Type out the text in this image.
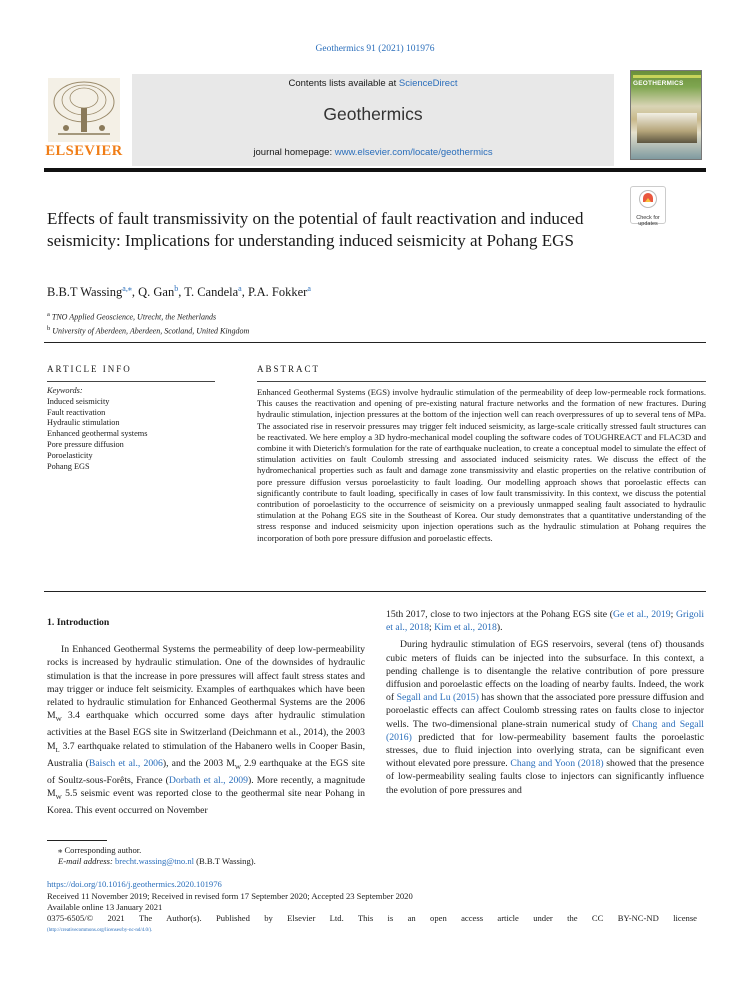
Geothermics 91 (2021) 101976
ELSEVIER
Contents lists available at ScienceDirect
Geothermics
journal homepage: www.elsevier.com/locate/geothermics
GEOTHERMICS
Check for updates
Effects of fault transmissivity on the potential of fault reactivation and induced seismicity: Implications for understanding induced seismicity at Pohang EGS
B.B.T Wassing$^{a,⁎}$, Q. Gan$^b$, T. Candela$^a$, P.A. Fokker$^a$
$^a$ TNO Applied Geoscience, Utrecht, the Netherlands
$^b$ University of Aberdeen, Aberdeen, Scotland, United Kingdom
ARTICLE INFO	ABSTRACT
Keywords:
Induced seismicity
Fault reactivation
Hydraulic stimulation
Enhanced geothermal systems
Pore pressure diffusion
Poroelasticity
Pohang EGS
Enhanced Geothermal Systems (EGS) involve hydraulic stimulation of the permeability of deep low-permeable rock formations. This causes the reactivation and opening of pre-existing natural fracture networks and the formation of new fractures. During hydraulic stimulation, injection pressures at the bottom of the injection well can reach overpressures of up to several tens of MPa. The associated rise in reservoir pressures may trigger felt induced seismicity, as large-scale critically stressed fault structures can be reactivated. We here employ a 3D hydro-mechanical model coupling the software codes of TOUGHREACT and FLAC3D and combine it with Dieterich's formulation for the rate of earthquake nucleation, to create a conceptual model to simulate the effect of stimulation activities on fault Coulomb stressing and associated induced seismicity rates. We discuss the effect of the hydromechanical properties such as fault and damage zone transmissivity and elastic properties on the relative contribution of pore pressure diffusion versus poroelasticity to fault loading. Our modelling approach shows that poroelastic effects can significantly contribute to fault loading, specifically in cases of low fault transmissivity. In this context, we discuss the potential contribution of poroelasticity to the occurrence of seismicity on a previously unmapped sealing fault associated to hydraulic stimulation at the Pohang EGS site in the Southeast of Korea. Our study demonstrates that a quantitative understanding of the stress response and induced seismicity upon injection operations such as the hydraulic stimulation at Pohang requires the incorporation of both pore pressure diffusion and poroelastic effects.
1. Introduction

In Enhanced Geothermal Systems the permeability of deep low-permeability rocks is increased by hydraulic stimulation. One of the downsides of hydraulic stimulation is that the increase in pore pressures will affect fault stress states and may trigger or induce felt seismicity. Examples of earthquakes which have been related to hydraulic stimulation for Enhanced Geothermal Systems are the 2006 $M_W$ 3.4 earthquake which occurred some days after hydraulic stimulation activities at the Basel EGS site in Switzerland (Deichmann et al., 2014), the 2003 $M_L$ 3.7 earthquake related to stimulation of the Habanero wells in Cooper Basin, Australia (Baisch et al., 2006), and the 2003 $M_W$ 2.9 earthquake at the EGS site of Soultz-sous-Forêts, France (Dorbath et al., 2009). More recently, a magnitude $M_W$ 5.5 seismic event was reported close to the geothermal site near Pohang in Korea. This event occurred on November

15th 2017, close to two injectors at the Pohang EGS site (Ge et al., 2019; Grigoli et al., 2018; Kim et al., 2018).

During hydraulic stimulation of EGS reservoirs, several (tens of) thousands cubic meters of fluids can be injected into the subsurface. In this context, a pending challenge is to disentangle the relative contribution of pore pressure diffusion and poroelastic effects on the loading of nearby faults. Indeed, the work of Segall and Lu (2015) has shown that the associated pore pressure diffusion and poroelastic effects can affect Coulomb stressing rates on faults close to injector wells. The two-dimensional plane-strain numerical study of Chang and Segall (2016) predicted that for low-permeability basement faults the poroelastic stresses, due to fluid injection into overlying strata, can be significant even without elevated pore pressure. Chang and Yoon (2018) showed that the presence of low-permeability sealing faults close to injectors can significantly influence the evolution of pore pressures and

⁎ Corresponding author.
E-mail address: brecht.wassing@tno.nl (B.B.T Wassing).
https://doi.org/10.1016/j.geothermics.2020.101976
Received 11 November 2019; Received in revised form 17 September 2020; Accepted 23 September 2020
Available online 13 January 2021
0375-6505/© 2021 The Author(s). Published by Elsevier Ltd. This is an open access article under the CC BY-NC-ND license
(http://creativecommons.org/licenses/by-nc-nd/4.0/).
